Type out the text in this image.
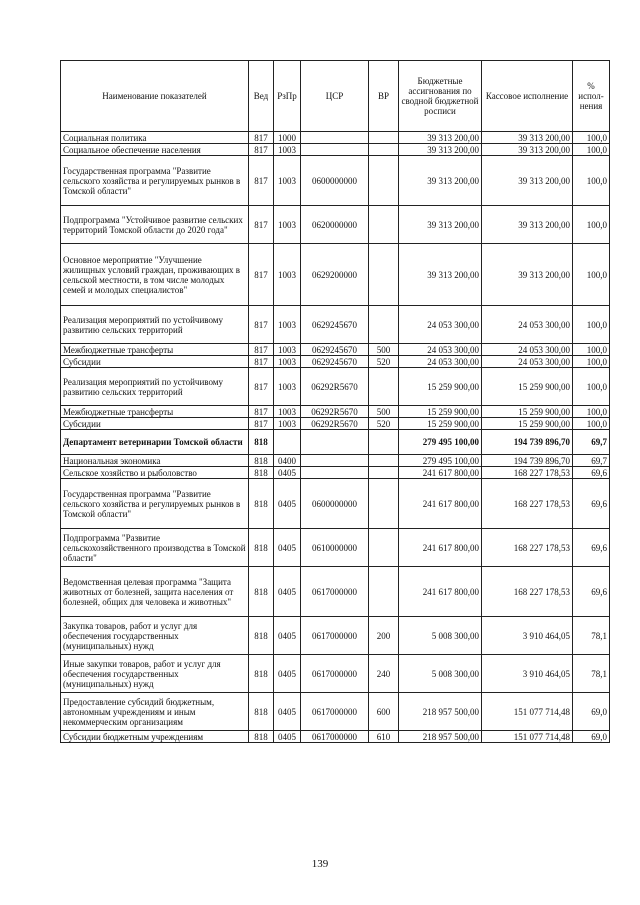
Наименование показателей	Вед	РзПр	ЦСР	ВР	Бюджетные ассигнования по сводной бюджетной росписи	Кассовое исполнение	% испол-нения
Социальная политика	817	1000			39 313 200,00	39 313 200,00	100,0
Социальное обеспечение населения	817	1003			39 313 200,00	39 313 200,00	100,0
Государственная программа "Развитие сельского хозяйства и регулируемых рынков в Томской области"	817	1003	0600000000		39 313 200,00	39 313 200,00	100,0
Подпрограмма "Устойчивое развитие сельских территорий Томской области до 2020 года"	817	1003	0620000000		39 313 200,00	39 313 200,00	100,0
Основное мероприятие "Улучшение жилищных условий граждан, проживающих в сельской местности, в том числе молодых семей и молодых специалистов"	817	1003	0629200000		39 313 200,00	39 313 200,00	100,0
Реализация мероприятий по устойчивому развитию сельских территорий	817	1003	0629245670		24 053 300,00	24 053 300,00	100,0
Межбюджетные трансферты	817	1003	0629245670	500	24 053 300,00	24 053 300,00	100,0
Субсидии	817	1003	0629245670	520	24 053 300,00	24 053 300,00	100,0
Реализация мероприятий по устойчивому развитию сельских территорий	817	1003	06292R5670		15 259 900,00	15 259 900,00	100,0
Межбюджетные трансферты	817	1003	06292R5670	500	15 259 900,00	15 259 900,00	100,0
Субсидии	817	1003	06292R5670	520	15 259 900,00	15 259 900,00	100,0
Департамент ветеринарии Томской области	818				279 495 100,00	194 739 896,70	69,7
Национальная экономика	818	0400			279 495 100,00	194 739 896,70	69,7
Сельское хозяйство и рыболовство	818	0405			241 617 800,00	168 227 178,53	69,6
Государственная программа "Развитие сельского хозяйства и регулируемых рынков в Томской области"	818	0405	0600000000		241 617 800,00	168 227 178,53	69,6
Подпрограмма "Развитие сельскохозяйственного производства в Томской области"	818	0405	0610000000		241 617 800,00	168 227 178,53	69,6
Ведомственная целевая программа "Защита животных от болезней, защита населения от болезней, общих для человека и животных"	818	0405	0617000000		241 617 800,00	168 227 178,53	69,6
Закупка товаров, работ и услуг для обеспечения государственных (муниципальных) нужд	818	0405	0617000000	200	5 008 300,00	3 910 464,05	78,1
Иные закупки товаров, работ и услуг для обеспечения государственных (муниципальных) нужд	818	0405	0617000000	240	5 008 300,00	3 910 464,05	78,1
Предоставление субсидий бюджетным, автономным учреждениям и иным некоммерческим организациям	818	0405	0617000000	600	218 957 500,00	151 077 714,48	69,0
Субсидии бюджетным учреждениям	818	0405	0617000000	610	218 957 500,00	151 077 714,48	69,0
139
